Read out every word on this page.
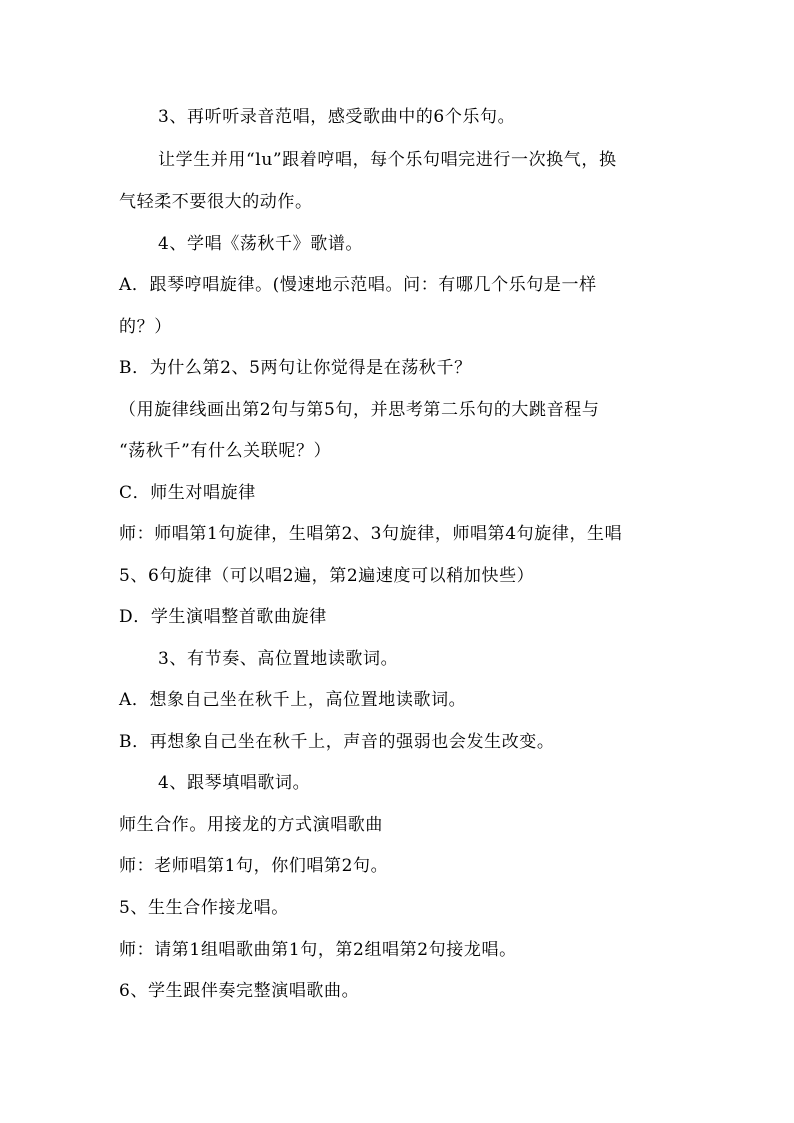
3、再听听录音范唱，感受歌曲中的6个乐句。
让学生并用“lu”跟着哼唱，每个乐句唱完进行一次换气，换
气轻柔不要很大的动作。
4、学唱《荡秋千》歌谱。
A．跟琴哼唱旋律。(慢速地示范唱。问：有哪几个乐句是一样
的？）
B．为什么第2、5两句让你觉得是在荡秋千？
（用旋律线画出第2句与第5句，并思考第二乐句的大跳音程与
“荡秋千”有什么关联呢？）
C．师生对唱旋律
师：师唱第1句旋律，生唱第2、3句旋律，师唱第4句旋律，生唱
5、6句旋律（可以唱2遍，第2遍速度可以稍加快些）
D．学生演唱整首歌曲旋律
3、有节奏、高位置地读歌词。
A．想象自己坐在秋千上，高位置地读歌词。
B．再想象自己坐在秋千上，声音的强弱也会发生改变。
4、跟琴填唱歌词。
师生合作。用接龙的方式演唱歌曲
师：老师唱第1句，你们唱第2句。
5、生生合作接龙唱。
师：请第1组唱歌曲第1句，第2组唱第2句接龙唱。
6、学生跟伴奏完整演唱歌曲。
